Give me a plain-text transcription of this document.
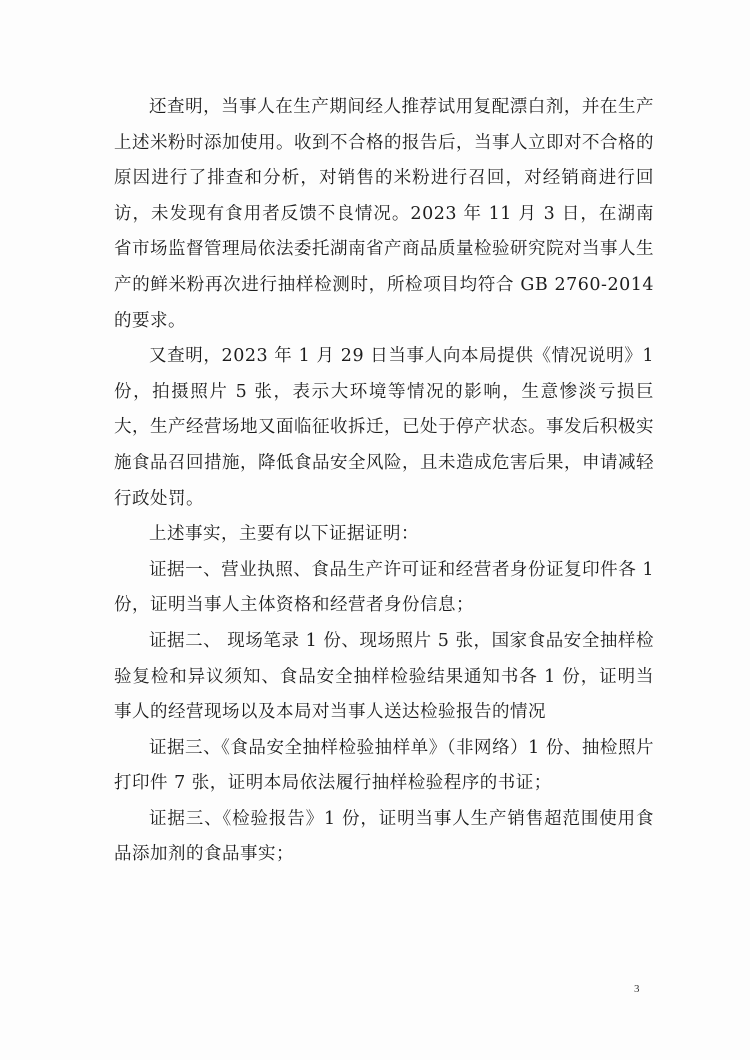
还查明，当事人在生产期间经人推荐试用复配漂白剂，并在生产上述米粉时添加使用。收到不合格的报告后，当事人立即对不合格的原因进行了排查和分析，对销售的米粉进行召回，对经销商进行回访，未发现有食用者反馈不良情况。2023 年 11 月 3 日，在湖南省市场监督管理局依法委托湖南省产商品质量检验研究院对当事人生产的鲜米粉再次进行抽样检测时，所检项目均符合 GB 2760-2014 的要求。

又查明，2023 年 1 月 29 日当事人向本局提供《情况说明》1 份，拍摄照片 5 张，表示大环境等情况的影响，生意惨淡亏损巨大，生产经营场地又面临征收拆迁，已处于停产状态。事发后积极实施食品召回措施，降低食品安全风险，且未造成危害后果，申请减轻行政处罚。

上述事实，主要有以下证据证明：

证据一、营业执照、食品生产许可证和经营者身份证复印件各 1 份，证明当事人主体资格和经营者身份信息；

证据二、 现场笔录 1 份、现场照片 5 张，国家食品安全抽样检验复检和异议须知、食品安全抽样检验结果通知书各 1 份，证明当事人的经营现场以及本局对当事人送达检验报告的情况

证据三、《食品安全抽样检验抽样单》（非网络）1 份、抽检照片打印件 7 张，证明本局依法履行抽样检验程序的书证；

证据三、《检验报告》1 份，证明当事人生产销售超范围使用食品添加剂的食品事实；

3
